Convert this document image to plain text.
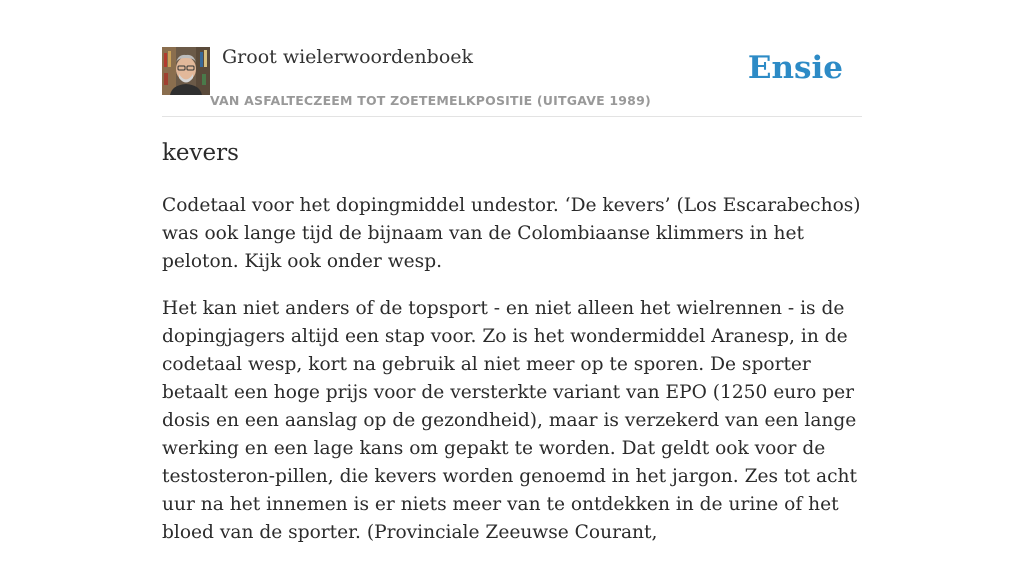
Groot wielerwoordenboek
VAN ASFALTECZEEM TOT ZOETEMELKPOSITIE (UITGAVE 1989)
Ensie
kevers

Codetaal voor het dopingmiddel undestor. ‘De kevers’ (Los Escarabechos) was ook lange tijd de bijnaam van de Colombiaanse klimmers in het peloton. Kijk ook onder wesp.

Het kan niet anders of de topsport - en niet alleen het wielrennen - is de dopingjagers altijd een stap voor. Zo is het wondermiddel Aranesp, in de codetaal wesp, kort na gebruik al niet meer op te sporen. De sporter betaalt een hoge prijs voor de versterkte variant van EPO (1250 euro per dosis en een aanslag op de gezondheid), maar is verzekerd van een lange werking en een lage kans om gepakt te worden. Dat geldt ook voor de testosteron-pillen, die kevers worden genoemd in het jargon. Zes tot acht uur na het innemen is er niets meer van te ontdekken in de urine of het bloed van de sporter. (Provinciale Zeeuwse Courant,
